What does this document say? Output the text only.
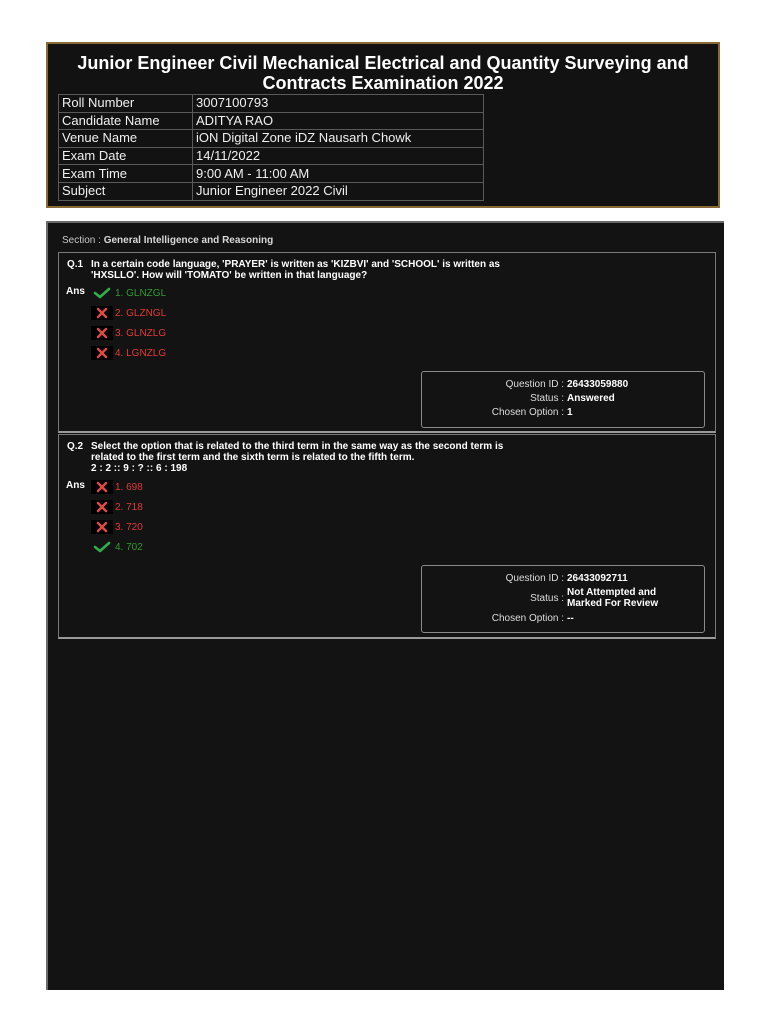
Junior Engineer Civil Mechanical Electrical and Quantity Surveying and Contracts Examination 2022
Roll Number	3007100793
Candidate Name	ADITYA RAO
Venue Name	iON Digital Zone iDZ Nausarh Chowk
Exam Date	14/11/2022
Exam Time	9:00 AM - 11:00 AM
Subject	Junior Engineer 2022 Civil
Section : General Intelligence and Reasoning
Q.1 In a certain code language, 'PRAYER' is written as 'KIZBVI' and 'SCHOOL' is written as
'HXSLLO'. How will 'TOMATO' be written in that language?
Ans	1. GLNZGL
2. GLZNGL
3. GLNZLG
4. LGNZLG
Question ID : 26433059880
Status : Answered
Chosen Option : 1
Q.2 Select the option that is related to the third term in the same way as the second term is
related to the first term and the sixth term is related to the fifth term.
2 : 2 :: 9 : ? :: 6 : 198
Ans	1. 698
2. 718
3. 720
4. 702
Question ID : 26433092711
Status : Not Attempted and
Marked For Review
Chosen Option : --
